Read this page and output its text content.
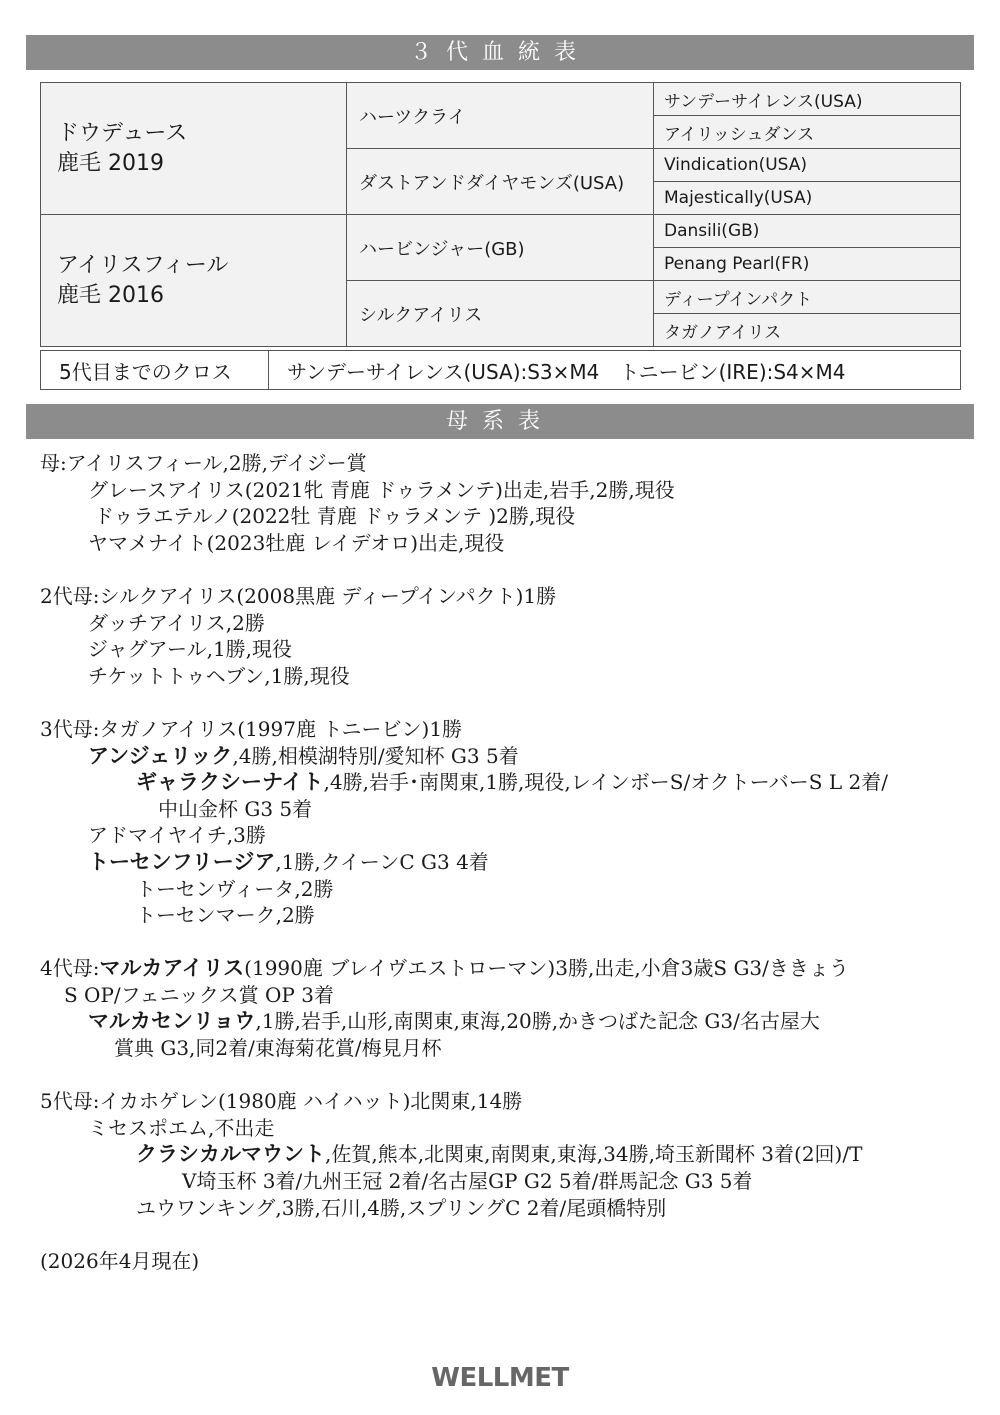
３代血統表
ドウデュース
鹿毛 2019	ハーツクライ	サンデーサイレンス(USA)
		アイリッシュダンス
	ダストアンドダイヤモンズ(USA)	Vindication(USA)
		Majestically(USA)

アイリスフィール
鹿毛 2016	ハービンジャー(GB)	Dansili(GB)
		Penang Pearl(FR)
	シルクアイリス	ディープインパクト
		タガノアイリス
5代目までのクロス	サンデーサイレンス(USA):S3×M4　トニービン(IRE):S4×M4
母系表
母:アイリスフィール,2勝,デイジー賞
グレースアイリス(2021牝 青鹿 ドゥラメンテ)出走,岩手,2勝,現役
ドゥラエテルノ(2022牡 青鹿 ドゥラメンテ )2勝,現役
ヤマメナイト(2023牡鹿 レイデオロ)出走,現役
2代母:シルクアイリス(2008黒鹿 ディープインパクト)1勝
ダッチアイリス,2勝
ジャグアール,1勝,現役
チケットトゥヘブン,1勝,現役
3代母:タガノアイリス(1997鹿 トニービン)1勝
アンジェリック,4勝,相模湖特別/愛知杯 G3 5着
ギャラクシーナイト,4勝,岩手･南関東,1勝,現役,レインボーS/オクトーバーS L 2着/
中山金杯 G3 5着
アドマイヤイチ,3勝
トーセンフリージア,1勝,クイーンC G3 4着
トーセンヴィータ,2勝
トーセンマーク,2勝
4代母:マルカアイリス(1990鹿 ブレイヴエストローマン)3勝,出走,小倉3歳S G3/ききょう
S OP/フェニックス賞 OP 3着
マルカセンリョウ,1勝,岩手,山形,南関東,東海,20勝,かきつばた記念 G3/名古屋大
賞典 G3,同2着/東海菊花賞/梅見月杯
5代母:イカホゲレン(1980鹿 ハイハット)北関東,14勝
ミセスポエム,不出走
クラシカルマウント,佐賀,熊本,北関東,南関東,東海,34勝,埼玉新聞杯 3着(2回)/T
V埼玉杯 3着/九州王冠 2着/名古屋GP G2 5着/群馬記念 G3 5着
ユウワンキング,3勝,石川,4勝,スプリングC 2着/尾頭橋特別
(2026年4月現在)
WELLMET
